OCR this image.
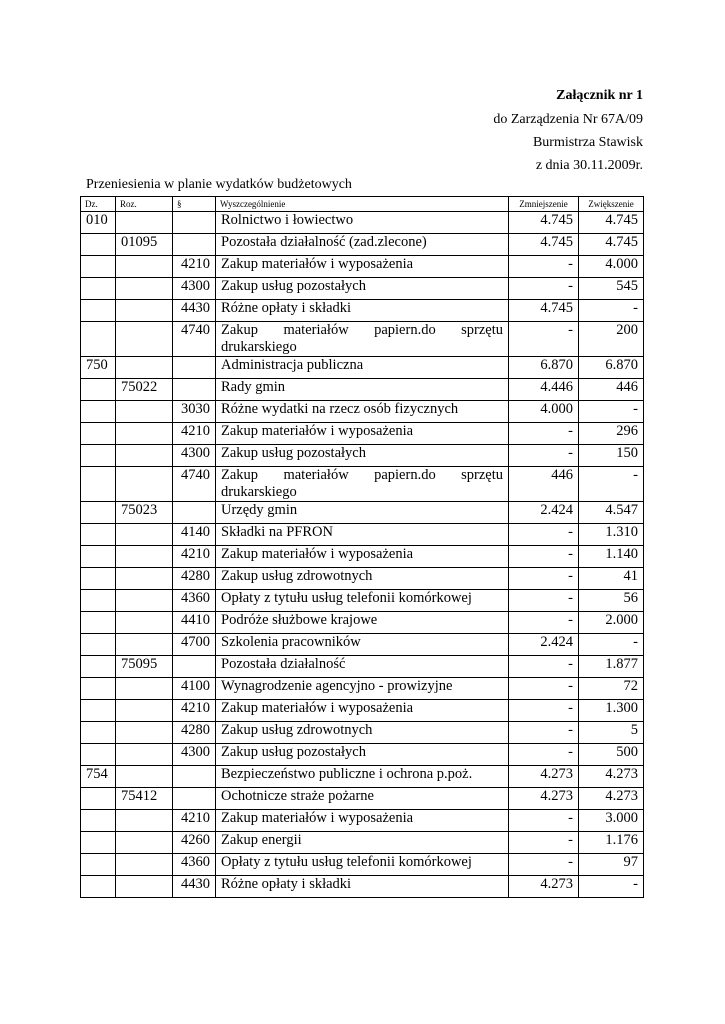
Załącznik nr 1
do Zarządzenia Nr 67A/09
Burmistrza Stawisk
z dnia 30.11.2009r.
Przeniesienia w planie wydatków budżetowych
Dz.	Roz.	§	Wyszczególnienie	Zmniejszenie	Zwiększenie
010			Rolnictwo i łowiectwo	4.745	4.745
	01095		Pozostała działalność (zad.zlecone)	4.745	4.745
		4210	Zakup materiałów i wyposażenia	-	4.000
		4300	Zakup usług pozostałych	-	545
		4430	Różne opłaty i składki	4.745	-
		4740	Zakup materiałów papiern.do sprzętu drukarskiego	-	200
750			Administracja publiczna	6.870	6.870
	75022		Rady gmin	4.446	446
		3030	Różne wydatki na rzecz osób fizycznych	4.000	-
		4210	Zakup materiałów i wyposażenia	-	296
		4300	Zakup usług pozostałych	-	150
		4740	Zakup materiałów papiern.do sprzętu drukarskiego	446	-
	75023		Urzędy gmin	2.424	4.547
		4140	Składki na PFRON	-	1.310
		4210	Zakup materiałów i wyposażenia	-	1.140
		4280	Zakup usług zdrowotnych	-	41
		4360	Opłaty z tytułu usług telefonii komórkowej	-	56
		4410	Podróże służbowe krajowe	-	2.000
		4700	Szkolenia pracowników	2.424	-
	75095		Pozostała działalność	-	1.877
		4100	Wynagrodzenie agencyjno - prowizyjne	-	72
		4210	Zakup materiałów i wyposażenia	-	1.300
		4280	Zakup usług zdrowotnych	-	5
		4300	Zakup usług pozostałych	-	500
754			Bezpieczeństwo publiczne i ochrona p.poż.	4.273	4.273
	75412		Ochotnicze straże pożarne	4.273	4.273
		4210	Zakup materiałów i wyposażenia	-	3.000
		4260	Zakup energii	-	1.176
		4360	Opłaty z tytułu usług telefonii komórkowej	-	97
		4430	Różne opłaty i składki	4.273	-
